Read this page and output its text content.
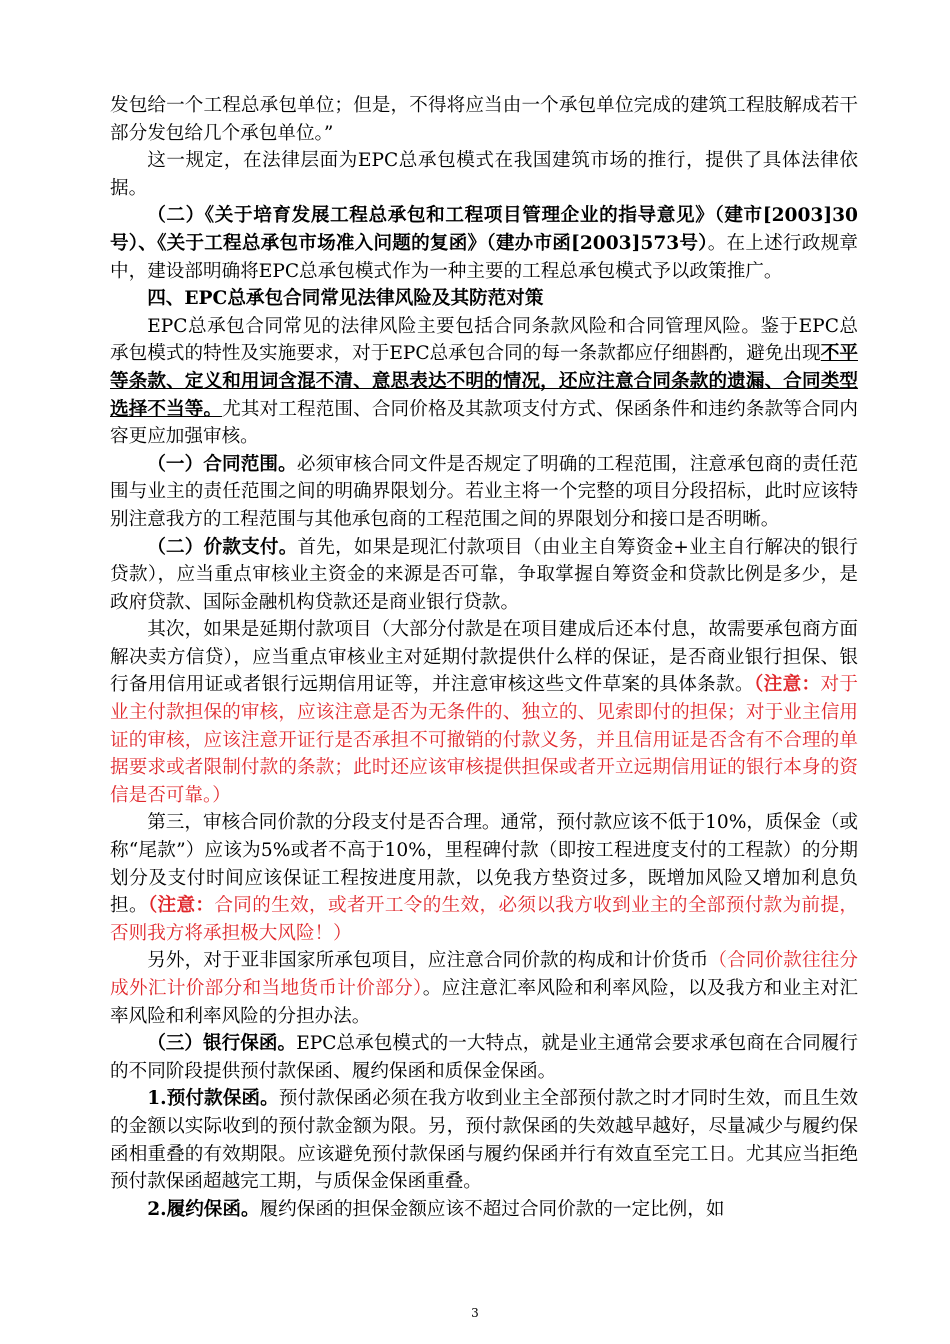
发包给一个工程总承包单位；但是，不得将应当由一个承包单位完成的建筑工程肢解成若干部分发包给几个承包单位。”

这一规定，在法律层面为EPC总承包模式在我国建筑市场的推行，提供了具体法律依据。

（二）《关于培育发展工程总承包和工程项目管理企业的指导意见》（建市[2003]30号）、《关于工程总承包市场准入问题的复函》（建办市函[2003]573号）。在上述行政规章中，建设部明确将EPC总承包模式作为一种主要的工程总承包模式予以政策推广。

四、EPC总承包合同常见法律风险及其防范对策

EPC总承包合同常见的法律风险主要包括合同条款风险和合同管理风险。鉴于EPC总承包模式的特性及实施要求，对于EPC总承包合同的每一条款都应仔细斟酌，避免出现不平等条款、定义和用词含混不清、意思表达不明的情况，还应注意合同条款的遗漏、合同类型选择不当等。尤其对工程范围、合同价格及其款项支付方式、保函条件和违约条款等合同内容更应加强审核。

（一）合同范围。必须审核合同文件是否规定了明确的工程范围，注意承包商的责任范围与业主的责任范围之间的明确界限划分。若业主将一个完整的项目分段招标，此时应该特别注意我方的工程范围与其他承包商的工程范围之间的界限划分和接口是否明晰。

（二）价款支付。首先，如果是现汇付款项目（由业主自筹资金+业主自行解决的银行贷款），应当重点审核业主资金的来源是否可靠，争取掌握自筹资金和贷款比例是多少，是政府贷款、国际金融机构贷款还是商业银行贷款。

其次，如果是延期付款项目（大部分付款是在项目建成后还本付息，故需要承包商方面解决卖方信贷），应当重点审核业主对延期付款提供什么样的保证，是否商业银行担保、银行备用信用证或者银行远期信用证等，并注意审核这些文件草案的具体条款。（注意：对于业主付款担保的审核，应该注意是否为无条件的、独立的、见索即付的担保；对于业主信用证的审核，应该注意开证行是否承担不可撤销的付款义务，并且信用证是否含有不合理的单据要求或者限制付款的条款；此时还应该审核提供担保或者开立远期信用证的银行本身的资信是否可靠。）

第三，审核合同价款的分段支付是否合理。通常，预付款应该不低于10%，质保金（或称“尾款”）应该为5%或者不高于10%，里程碑付款（即按工程进度支付的工程款）的分期划分及支付时间应该保证工程按进度用款，以免我方垫资过多，既增加风险又增加利息负担。（注意：合同的生效，或者开工令的生效，必须以我方收到业主的全部预付款为前提，否则我方将承担极大风险！）

另外，对于亚非国家所承包项目，应注意合同价款的构成和计价货币（合同价款往往分成外汇计价部分和当地货币计价部分）。应注意汇率风险和利率风险，以及我方和业主对汇率风险和利率风险的分担办法。

（三）银行保函。EPC总承包模式的一大特点，就是业主通常会要求承包商在合同履行的不同阶段提供预付款保函、履约保函和质保金保函。

1.预付款保函。预付款保函必须在我方收到业主全部预付款之时才同时生效，而且生效的金额以实际收到的预付款金额为限。另，预付款保函的失效越早越好，尽量减少与履约保函相重叠的有效期限。应该避免预付款保函与履约保函并行有效直至完工日。尤其应当拒绝预付款保函超越完工期，与质保金保函重叠。

2.履约保函。履约保函的担保金额应该不超过合同价款的一定比例，如

3
